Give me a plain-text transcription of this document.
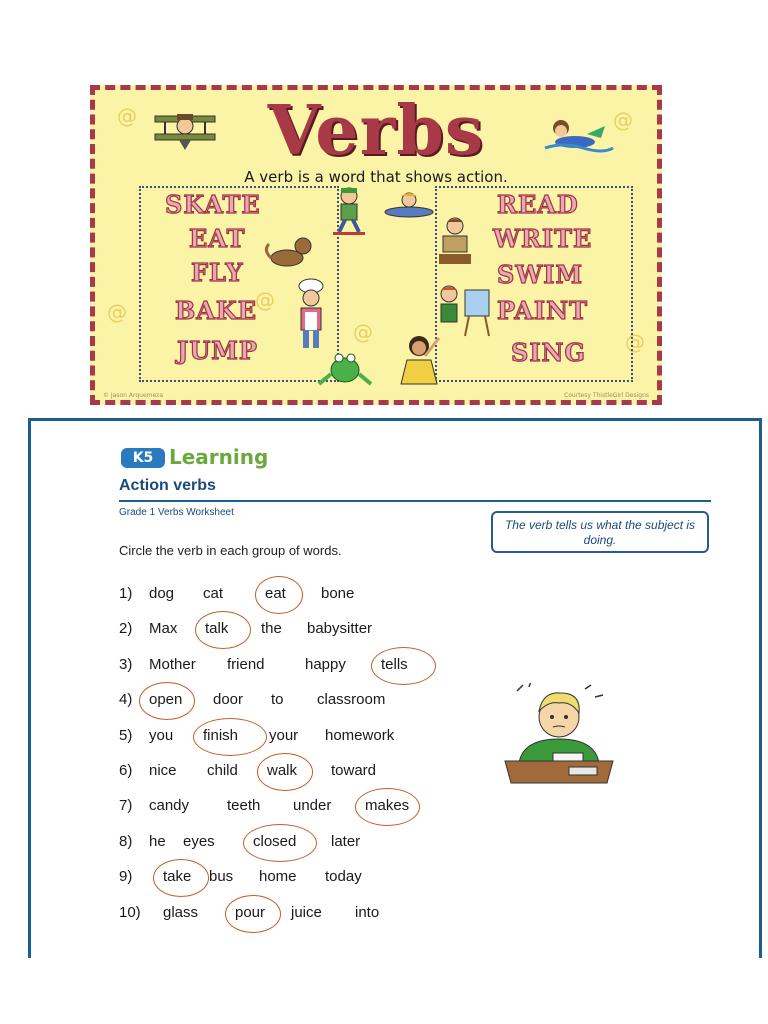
@	@
@
@	@
@
Verbs
A verb is a word that shows action.
SKATE
EAT
FLY
BAKE
JUMP
READ
WRITE
SWIM
PAINT
SING
© Jason Arquemeza	Courtesy ThistleGirl Designs
K5 Learning
Action verbs
Grade 1 Verbs Worksheet
The verb tells us what the subject is doing.
Circle the verb in each group of words.
1) dog cat	eat bone
2) Max talk the babysitter
3) Mother friend	happy tells
4) open door to classroom
5) you finish your homework
6) nice child walk toward
7) candy	teeth under makes
8) he eyes	closed later
9) take bus home today
10) glass pour juice into
